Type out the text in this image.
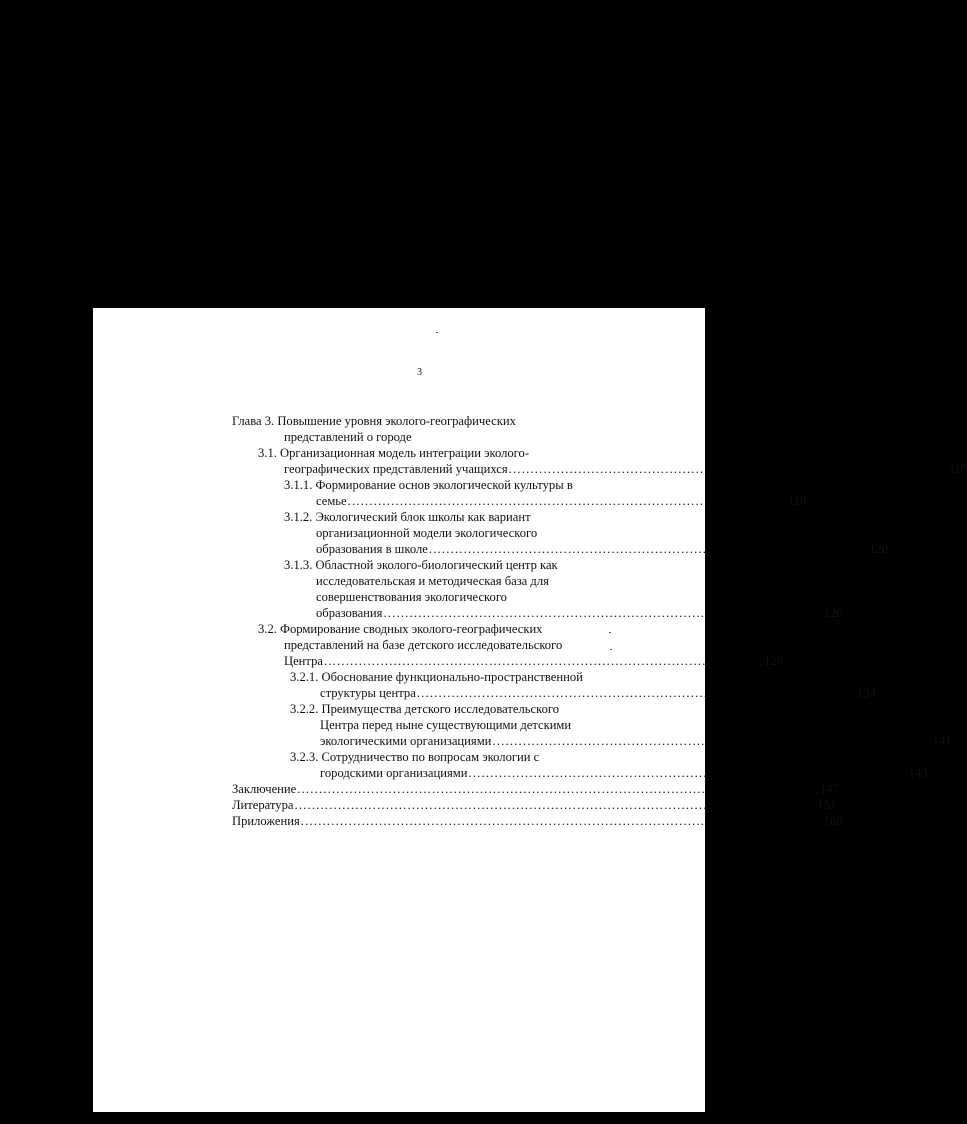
3
Глава 3. Повышение уровня эколого-географических
представлений о городе
3.1. Организационная модель интеграции эколого-
географических представлений учащихся ..................................................................................................... 118
3.1.1. Формирование основ экологической культуры в
семье ..................................................................................................... 118
3.1.2. Экологический блок школы как вариант
организационной модели экологического
образования в школе ..................................................................................................... 120
3.1.3. Областной эколого-биологический центр как
исследовательская и методическая база для
совершенствования экологического
образования ..................................................................................................... 126
3.2. Формирование сводных эколого-географических
представлений на базе детского исследовательского
Центра ..................................................................................................... 128
3.2.1. Обоснование функционально-пространственной
структуры центра ..................................................................................................... 134
3.2.2. Преимущества детского исследовательского
Центра перед ныне существующими детскими
экологическими организациями ..................................................................................................... 141
3.2.3. Сотрудничество по вопросам экологии с
городскими организациями ..................................................................................................... 143
Заключение ........................................................................................................................ 147
Литература ........................................................................................................................ 151
Приложения ........................................................................................................................ 160
